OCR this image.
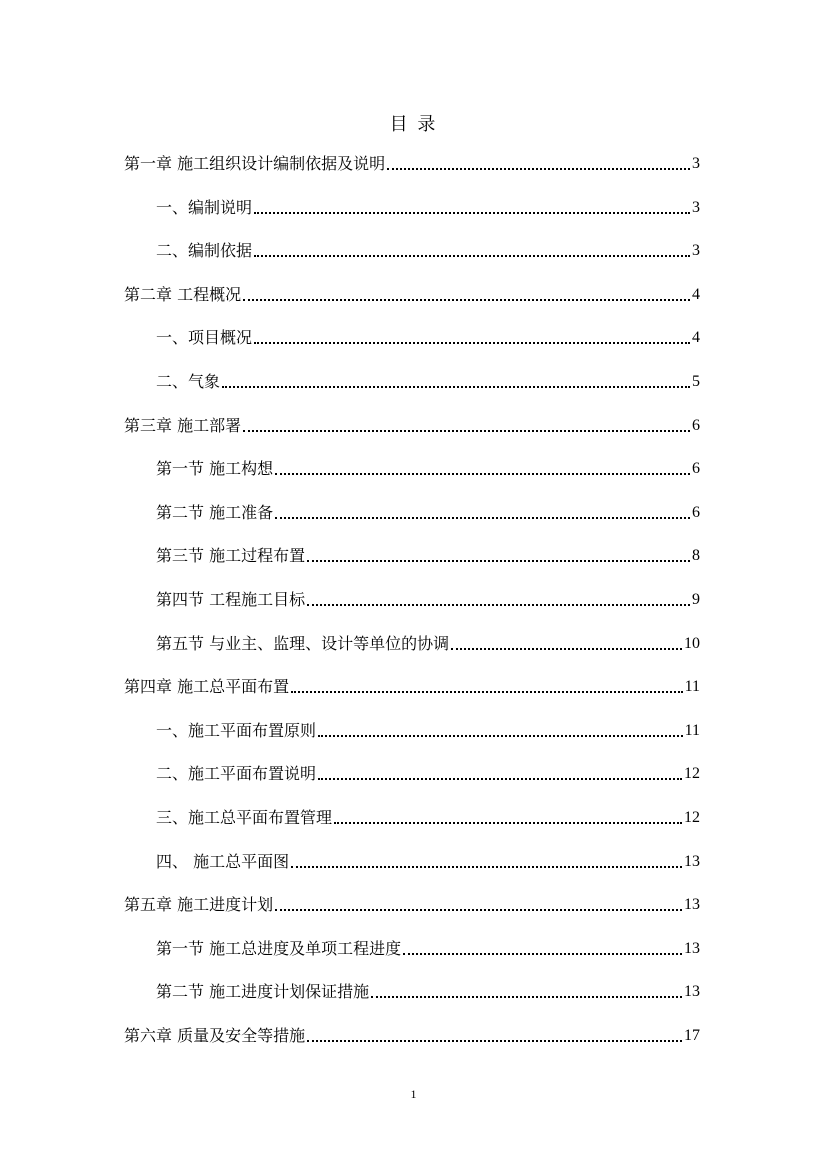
目 录
第一章 施工组织设计编制依据及说明	3
一、编制说明	3
二、编制依据	3
第二章 工程概况	4
一、项目概况	4
二、气象	5
第三章 施工部署	6
第一节 施工构想	6
第二节 施工准备	6
第三节 施工过程布置	8
第四节 工程施工目标	9
第五节 与业主、监理、设计等单位的协调	10
第四章 施工总平面布置	11
一、施工平面布置原则	11
二、施工平面布置说明	12
三、施工总平面布置管理	12
四、 施工总平面图	13
第五章 施工进度计划	13
第一节 施工总进度及单项工程进度	13
第二节 施工进度计划保证措施	13
第六章 质量及安全等措施	17
1
